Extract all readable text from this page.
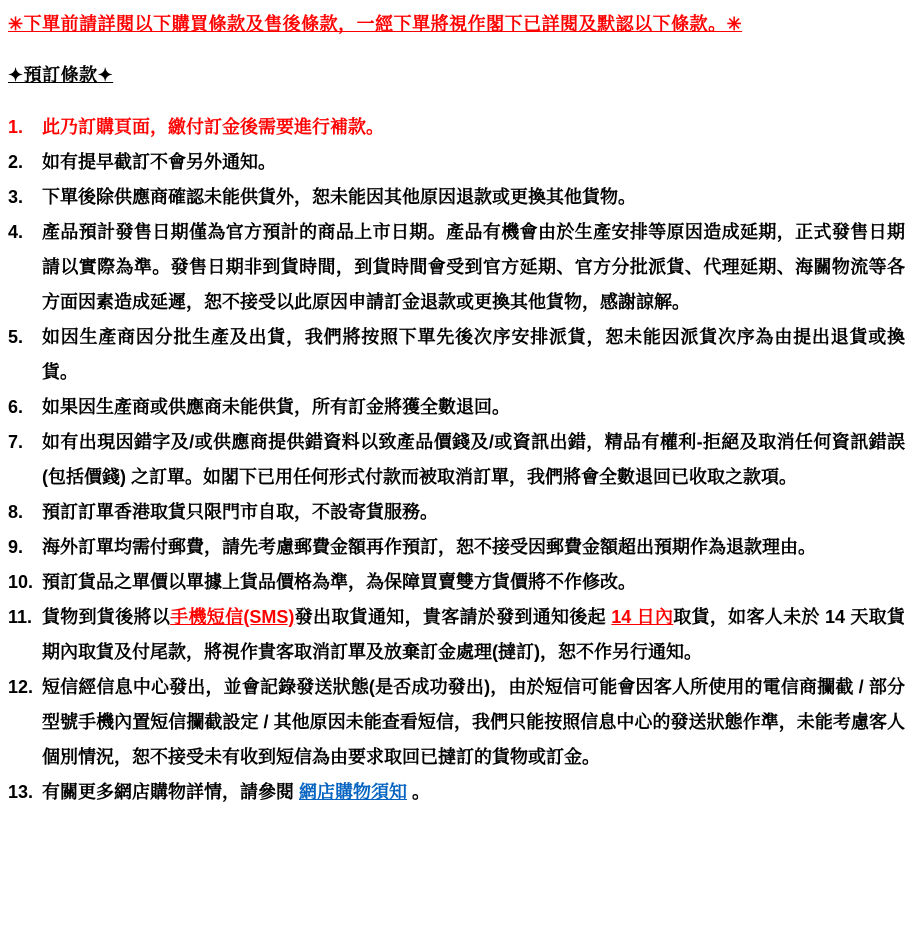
✳下單前請詳閱以下購買條款及售後條款，一經下單將視作閣下已詳閱及默認以下條款。✳
✦預訂條款✦
1.	此乃訂購頁面，繳付訂金後需要進行補款。
2.	如有提早截訂不會另外通知。
3.	下單後除供應商確認未能供貨外，恕未能因其他原因退款或更換其他貨物。
4.	產品預計發售日期僅為官方預計的商品上市日期。產品有機會由於生產安排等原因造成延期，正式發售日期請以實際為準。發售日期非到貨時間，到貨時間會受到官方延期、官方分批派貨、代理延期、海關物流等各方面因素造成延遲，恕不接受以此原因申請訂金退款或更換其他貨物，感謝諒解。
5.	如因生產商因分批生產及出貨，我們將按照下單先後次序安排派貨，恕未能因派貨次序為由提出退貨或換貨。
6.	如果因生產商或供應商未能供貨，所有訂金將獲全數退回。
7.	如有出現因錯字及/或供應商提供錯資料以致產品價錢及/或資訊出錯，精品有權利-拒絕及取消任何資訊錯誤(包括價錢) 之訂單。如閣下已用任何形式付款而被取消訂單，我們將會全數退回已收取之款項。
8.	預訂訂單香港取貨只限門市自取，不設寄貨服務。
9.	海外訂單均需付郵費，請先考慮郵費金額再作預訂，恕不接受因郵費金額超出預期作為退款理由。
10. 預訂貨品之單價以單據上貨品價格為準，為保障買賣雙方貨價將不作修改。
11. 貨物到貨後將以手機短信(SMS)發出取貨通知，貴客請於發到通知後起 14 日內取貨，如客人未於 14 天取貨期內取貨及付尾款，將視作貴客取消訂單及放棄訂金處理(撻訂)，恕不作另行通知。
12. 短信經信息中心發出，並會記錄發送狀態(是否成功發出)，由於短信可能會因客人所使用的電信商攔截 / 部分型號手機內置短信攔截設定 / 其他原因未能查看短信，我們只能按照信息中心的發送狀態作準，未能考慮客人個別情況，恕不接受未有收到短信為由要求取回已撻訂的貨物或訂金。
13. 有關更多網店購物詳情，請參閱 網店購物須知 。
